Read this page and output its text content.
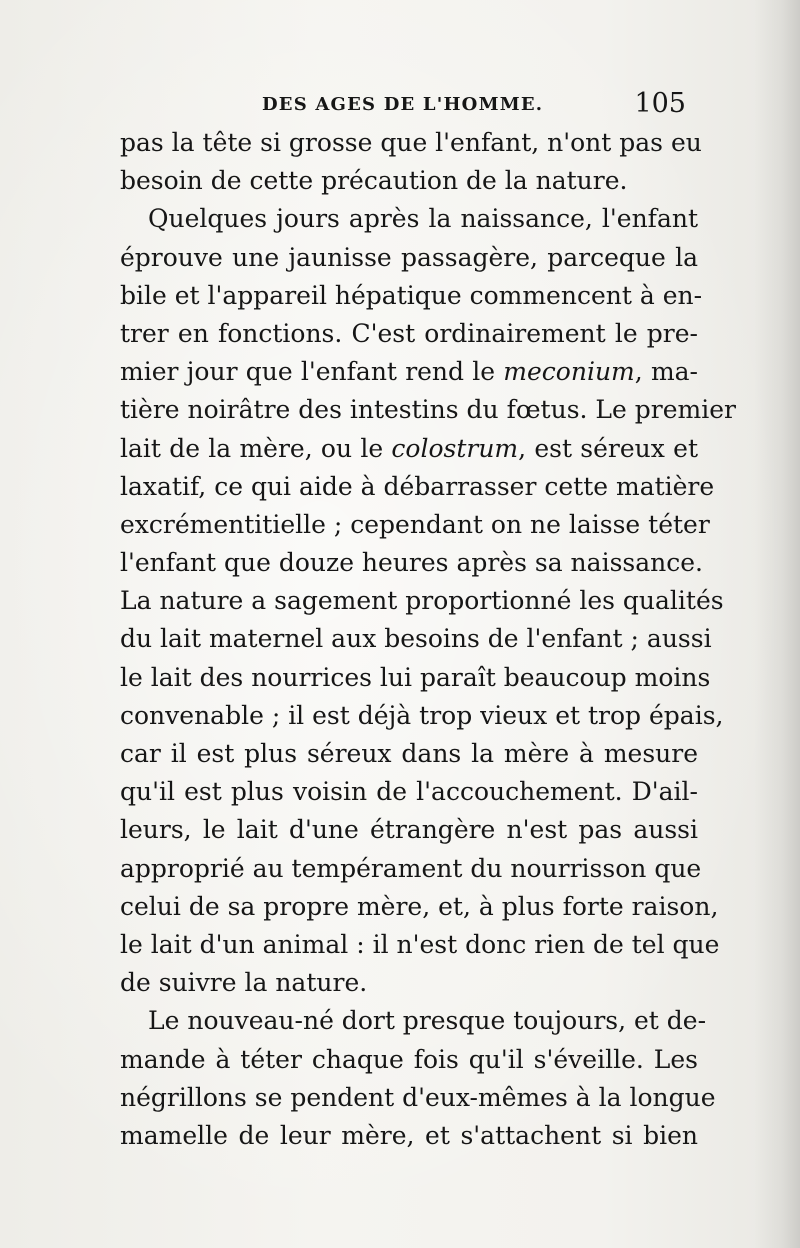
DES AGES DE L'HOMME.	105
pas la tête si grosse que l'enfant, n'ont pas eu
besoin de cette précaution de la nature.
Quelques jours après la naissance, l'enfant
éprouve une jaunisse passagère, parceque la
bile et l'appareil hépatique commencent à en-
trer en fonctions. C'est ordinairement le pre-
mier jour que l'enfant rend le meconium, ma-
tière noirâtre des intestins du fœtus. Le premier
lait de la mère, ou le colostrum, est séreux et
laxatif, ce qui aide à débarrasser cette matière
excrémentitielle ; cependant on ne laisse téter
l'enfant que douze heures après sa naissance.
La nature a sagement proportionné les qualités
du lait maternel aux besoins de l'enfant ; aussi
le lait des nourrices lui paraît beaucoup moins
convenable ; il est déjà trop vieux et trop épais,
car il est plus séreux dans la mère à mesure
qu'il est plus voisin de l'accouchement. D'ail-
leurs, le lait d'une étrangère n'est pas aussi
approprié au tempérament du nourrisson que
celui de sa propre mère, et, à plus forte raison,
le lait d'un animal : il n'est donc rien de tel que
de suivre la nature.
Le nouveau-né dort presque toujours, et de-
mande à téter chaque fois qu'il s'éveille. Les
négrillons se pendent d'eux-mêmes à la longue
mamelle de leur mère, et s'attachent si bien
